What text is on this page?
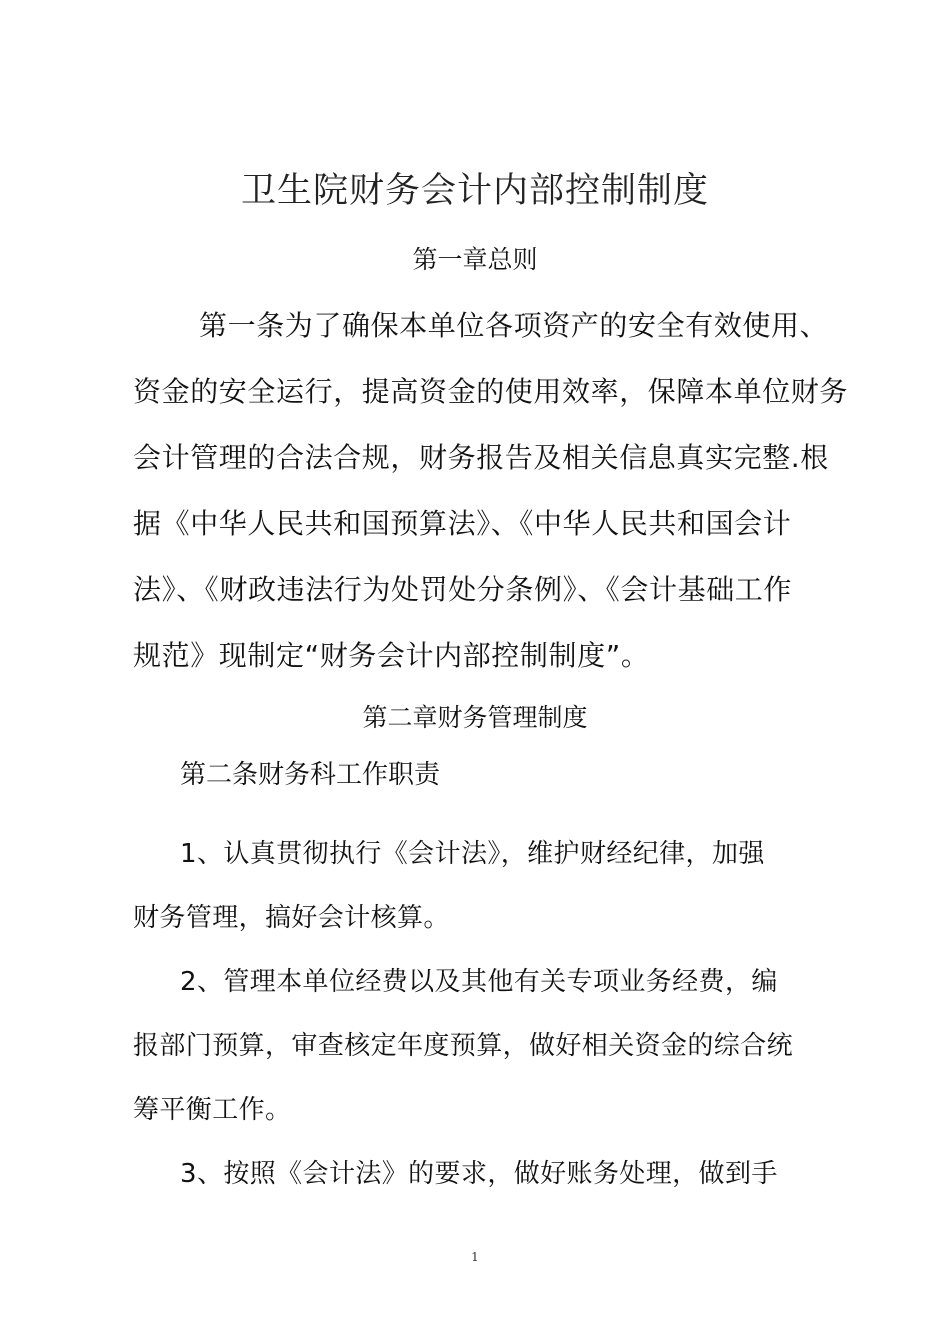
卫生院财务会计内部控制制度
第一章总则
第一条为了确保本单位各项资产的安全有效使用、
资金的安全运行，提高资金的使用效率，保障本单位财务
会计管理的合法合规，财务报告及相关信息真实完整.根
据《中华人民共和国预算法》、《中华人民共和国会计
法》、《财政违法行为处罚处分条例》、《会计基础工作
规范》现制定“财务会计内部控制制度”。
第二章财务管理制度
第二条财务科工作职责
1、认真贯彻执行《会计法》，维护财经纪律，加强
财务管理，搞好会计核算。
2、管理本单位经费以及其他有关专项业务经费，编
报部门预算，审查核定年度预算，做好相关资金的综合统
筹平衡工作。
3、按照《会计法》的要求，做好账务处理，做到手
1
